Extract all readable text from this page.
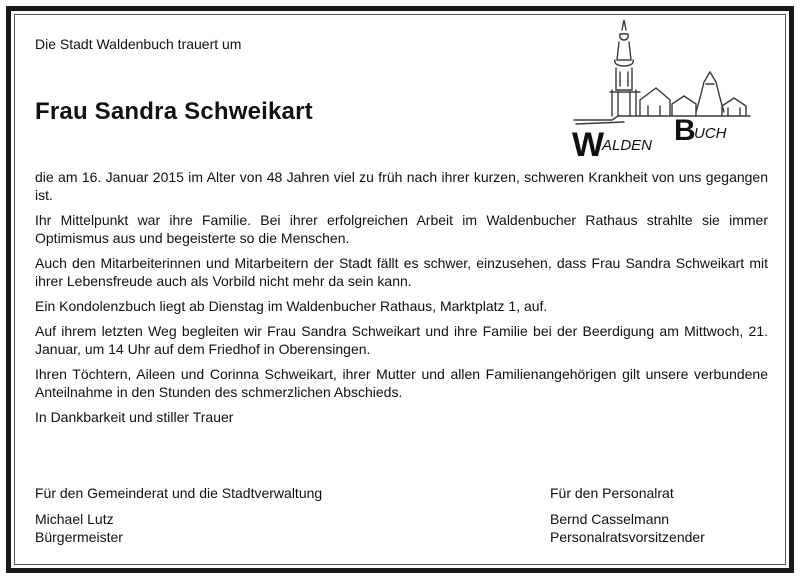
Die Stadt Waldenbuch trauert um
Frau Sandra Schweikart
W
ALDEN B
UCH

die am 16. Januar 2015 im Alter von 48 Jahren viel zu früh nach ihrer kurzen, schweren Krankheit von uns gegangen ist.

Ihr Mittelpunkt war ihre Familie. Bei ihrer erfolgreichen Arbeit im Waldenbucher Rathaus strahlte sie immer Optimismus aus und begeisterte so die Menschen.

Auch den Mitarbeiterinnen und Mitarbeitern der Stadt fällt es schwer, einzusehen, dass Frau Sandra Schweikart mit ihrer Lebensfreude auch als Vorbild nicht mehr da sein kann.

Ein Kondolenzbuch liegt ab Dienstag im Waldenbucher Rathaus, Marktplatz 1, auf.

Auf ihrem letzten Weg begleiten wir Frau Sandra Schweikart und ihre Familie bei der Beerdigung am Mittwoch, 21. Januar, um 14 Uhr auf dem Friedhof in Oberensingen.

Ihren Töchtern, Aileen und Corinna Schweikart, ihrer Mutter und allen Familienangehörigen gilt unsere verbundene Anteilnahme in den Stunden des schmerzlichen Abschieds.

In Dankbarkeit und stiller Trauer

Für den Gemeinderat und die Stadtverwaltung
Michael Lutz
Bürgermeister
Für den Personalrat
Bernd Casselmann
Personalratsvorsitzender
